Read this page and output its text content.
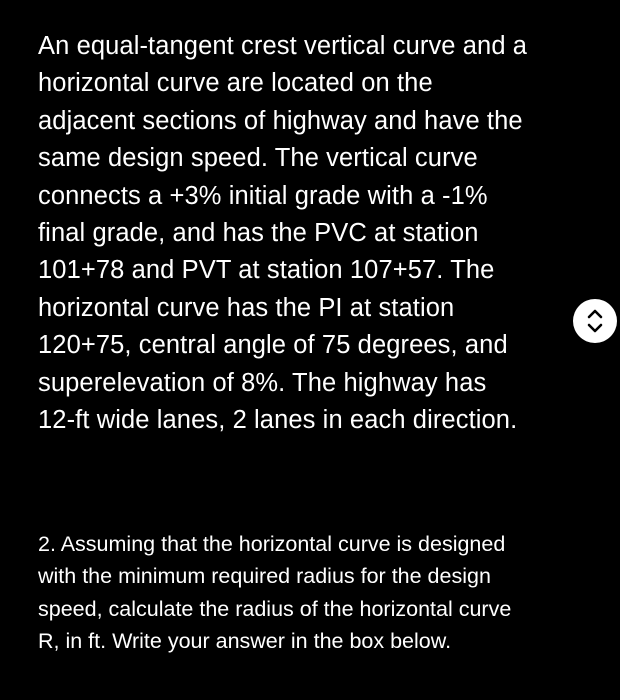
An equal-tangent crest vertical curve and a
horizontal curve are located on the
adjacent sections of highway and have the
same design speed. The vertical curve
connects a +3% initial grade with a -1%
final grade, and has the PVC at station
101+78 and PVT at station 107+57. The
horizontal curve has the PI at station
120+75, central angle of 75 degrees, and
superelevation of 8%. The highway has
12-ft wide lanes, 2 lanes in each direction.
2. Assuming that the horizontal curve is designed
with the minimum required radius for the design
speed, calculate the radius of the horizontal curve
R, in ft. Write your answer in the box below.
